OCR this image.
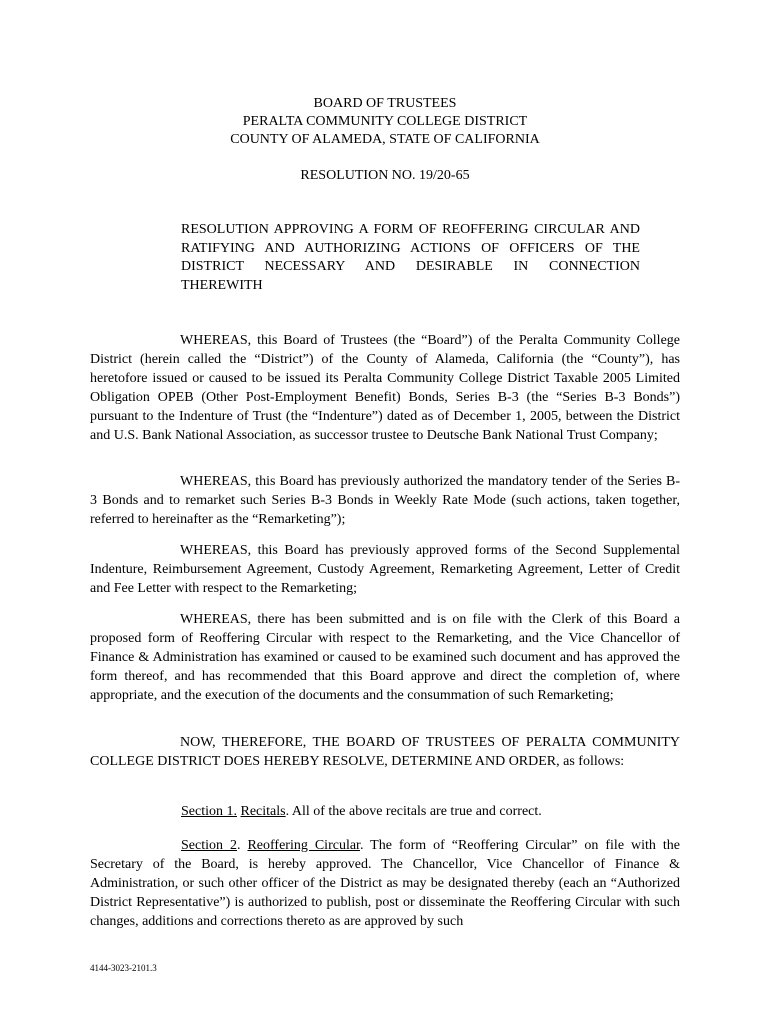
BOARD OF TRUSTEES
PERALTA COMMUNITY COLLEGE DISTRICT
COUNTY OF ALAMEDA, STATE OF CALIFORNIA
RESOLUTION NO. 19/20-65
RESOLUTION APPROVING A FORM OF REOFFERING CIRCULAR AND RATIFYING AND AUTHORIZING ACTIONS OF OFFICERS OF THE DISTRICT NECESSARY AND DESIRABLE IN CONNECTION THEREWITH

WHEREAS, this Board of Trustees (the “Board”) of the Peralta Community College District (herein called the “District”) of the County of Alameda, California (the “County”), has heretofore issued or caused to be issued its Peralta Community College District Taxable 2005 Limited Obligation OPEB (Other Post-Employment Benefit) Bonds, Series B-3 (the “Series B-3 Bonds”) pursuant to the Indenture of Trust (the “Indenture”) dated as of December 1, 2005, between the District and U.S. Bank National Association, as successor trustee to Deutsche Bank National Trust Company;

WHEREAS, this Board has previously authorized the mandatory tender of the Series B-3 Bonds and to remarket such Series B-3 Bonds in Weekly Rate Mode (such actions, taken together, referred to hereinafter as the “Remarketing”);

WHEREAS, this Board has previously approved forms of the Second Supplemental Indenture, Reimbursement Agreement, Custody Agreement, Remarketing Agreement, Letter of Credit and Fee Letter with respect to the Remarketing;

WHEREAS, there has been submitted and is on file with the Clerk of this Board a proposed form of Reoffering Circular with respect to the Remarketing, and the Vice Chancellor of Finance & Administration has examined or caused to be examined such document and has approved the form thereof, and has recommended that this Board approve and direct the completion of, where appropriate, and the execution of the documents and the consummation of such Remarketing;

NOW, THEREFORE, THE BOARD OF TRUSTEES OF PERALTA COMMUNITY COLLEGE DISTRICT DOES HEREBY RESOLVE, DETERMINE AND ORDER, as follows:

Section 1. Recitals. All of the above recitals are true and correct.

Section 2. Reoffering Circular. The form of “Reoffering Circular” on file with the Secretary of the Board, is hereby approved. The Chancellor, Vice Chancellor of Finance & Administration, or such other officer of the District as may be designated thereby (each an “Authorized District Representative”) is authorized to publish, post or disseminate the Reoffering Circular with such changes, additions and corrections thereto as are approved by such

4144-3023-2101.3
